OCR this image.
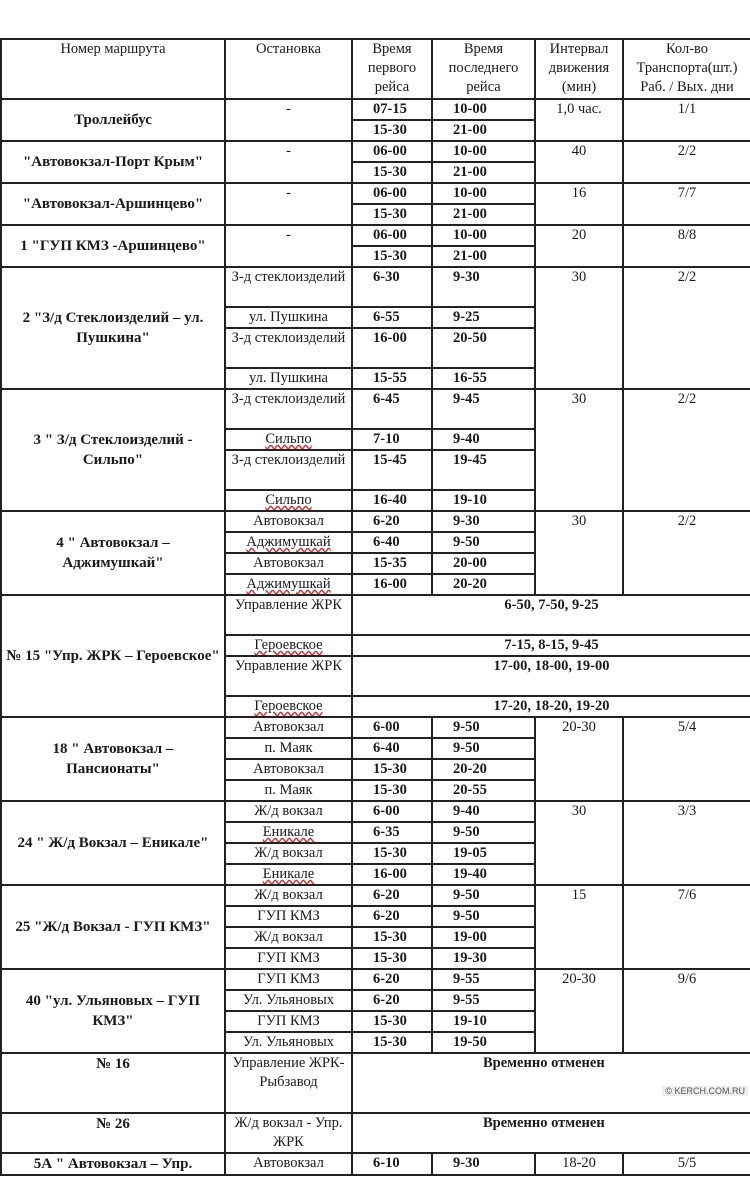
Номер маршрута	Остановка	Время первого рейса	Время последнего рейса	Интервал движения (мин)	Кол-во Транспорта(шт.) Раб. / Вых. дни
Троллейбус	-	07-15	10-00	1,0 час.	1/1
		15-30	21-00		
"Автовокзал-Порт Крым"	-	06-00	10-00	40	2/2
		15-30	21-00		
"Автовокзал-Аршинцево"	-	06-00	10-00	16	7/7
		15-30	21-00		
1 "ГУП КМЗ -Аршинцево"	-	06-00	10-00	20	8/8
		15-30	21-00		
2 "З/д Стеклоизделий – ул. Пушкина"	З-д стеклоизделий	6-30	9-30	30	2/2
	ул. Пушкина	6-55	9-25		
	З-д стеклоизделий	16-00	20-50		
	ул. Пушкина	15-55	16-55		
3 " З/д Стеклоизделий - Сильпо"	З-д стеклоизделий	6-45	9-45	30	2/2
	Сильпо	7-10	9-40		
	З-д стеклоизделий	15-45	19-45		
	Сильпо	16-40	19-10		
4 " Автовокзал – Аджимушкай"	Автовокзал	6-20	9-30	30	2/2
	Аджимушкай	6-40	9-50		
	Автовокзал	15-35	20-00		
	Аджимушкай	16-00	20-20		
№ 15 "Упр. ЖРК – Героевское"	Управление ЖРК	6-50, 7-50, 9-25			
	Героевское	7-15, 8-15, 9-45			
	Управление ЖРК	17-00, 18-00, 19-00			
	Героевское	17-20, 18-20, 19-20			
18 " Автовокзал – Пансионаты"	Автовокзал	6-00	9-50	20-30	5/4
	п. Маяк	6-40	9-50		
	Автовокзал	15-30	20-20		
	п. Маяк	15-30	20-55		
24 " Ж/д Вокзал – Еникале"	Ж/д вокзал	6-00	9-40	30	3/3
	Еникале	6-35	9-50		
	Ж/д вокзал	15-30	19-05		
	Еникале	16-00	19-40		
25 "Ж/д Вокзал - ГУП КМЗ"	Ж/д вокзал	6-20	9-50	15	7/6
	ГУП КМЗ	6-20	9-50		
	Ж/д вокзал	15-30	19-00		
	ГУП КМЗ	15-30	19-30		
40 "ул. Ульяновых – ГУП КМЗ"	ГУП КМЗ	6-20	9-55	20-30	9/6
	Ул. Ульяновых	6-20	9-55		
	ГУП КМЗ	15-30	19-10		
	Ул. Ульяновых	15-30	19-50		
№ 16	Управление ЖРК-Рыбзавод	Временно отменен			
№ 26	Ж/д вокзал - Упр. ЖРК	Временно отменен			
5А " Автовокзал – Упр.	Автовокзал	6-10	9-30	18-20	5/5
© KERCH.COM.RU
